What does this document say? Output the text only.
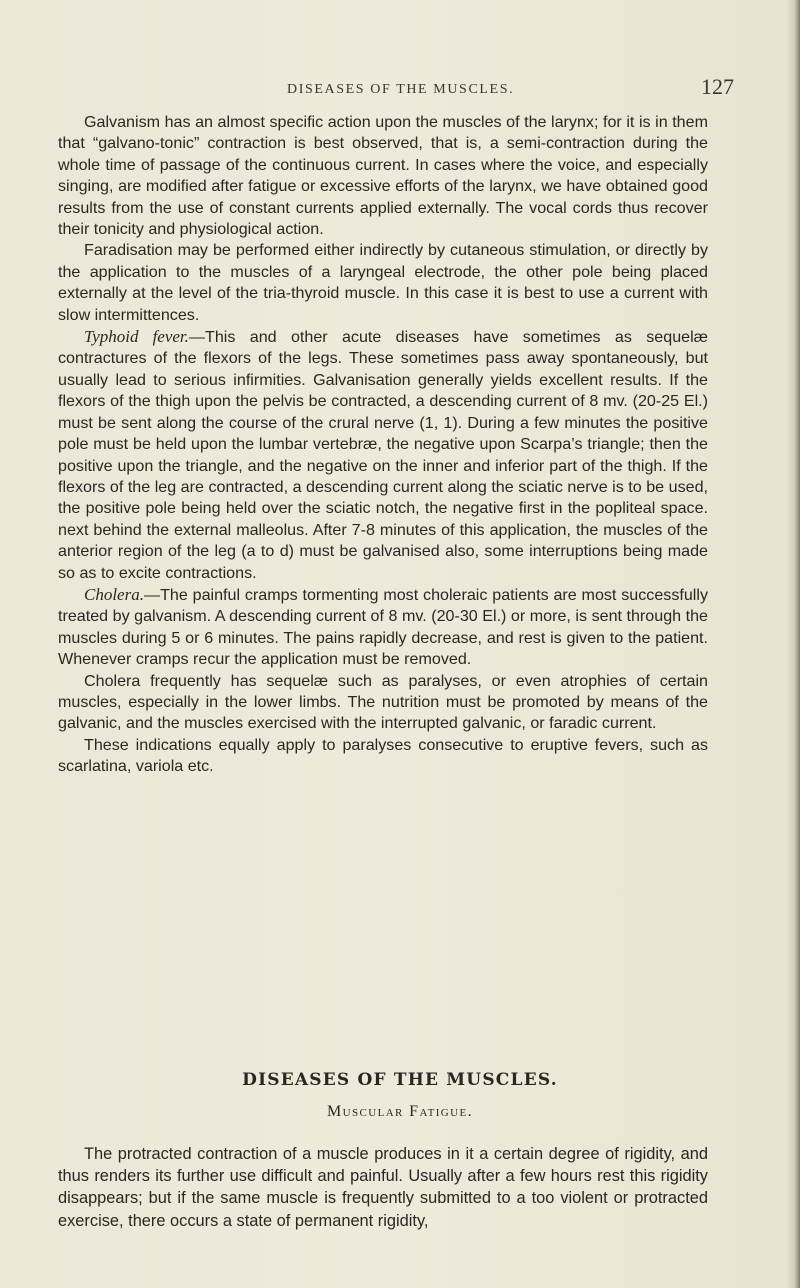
DISEASES OF THE MUSCLES.	127

Galvanism has an almost specific action upon the muscles of the larynx; for it is in them that “galvano-tonic” contraction is best observed, that is, a semi-contraction during the whole time of passage of the continuous current. In cases where the voice, and especially singing, are modified after fatigue or excessive efforts of the larynx, we have obtained good results from the use of constant currents applied externally. The vocal cords thus recover their tonicity and physiological action.

Faradisation may be performed either indirectly by cutaneous stimulation, or directly by the application to the muscles of a laryngeal electrode, the other pole being placed externally at the level of the tria-thyroid muscle. In this case it is best to use a current with slow intermittences.

Typhoid fever.—This and other acute diseases have sometimes as sequelæ contractures of the flexors of the legs. These sometimes pass away spontaneously, but usually lead to serious infirmities. Galvanisation generally yields excellent results. If the flexors of the thigh upon the pelvis be contracted, a descending current of 8 mv. (20-25 El.) must be sent along the course of the crural nerve (1, 1). During a few minutes the positive pole must be held upon the lumbar vertebræ, the negative upon Scarpa’s triangle; then the positive upon the triangle, and the negative on the inner and inferior part of the thigh. If the flexors of the leg are contracted, a descending current along the sciatic nerve is to be used, the positive pole being held over the sciatic notch, the negative first in the popliteal space. next behind the external malleolus. After 7-8 minutes of this application, the muscles of the anterior region of the leg (a to d) must be galvanised also, some interruptions being made so as to excite contractions.

Cholera.—The painful cramps tormenting most choleraic patients are most successfully treated by galvanism. A descending current of 8 mv. (20-30 El.) or more, is sent through the muscles during 5 or 6 minutes. The pains rapidly decrease, and rest is given to the patient. Whenever cramps recur the application must be removed.

Cholera frequently has sequelæ such as paralyses, or even atrophies of certain muscles, especially in the lower limbs. The nutrition must be promoted by means of the galvanic, and the muscles exercised with the interrupted galvanic, or faradic current.

These indications equally apply to paralyses consecutive to eruptive fevers, such as scarlatina, variola etc.

DISEASES OF THE MUSCLES.
Muscular Fatigue.

The protracted contraction of a muscle produces in it a certain degree of rigidity, and thus renders its further use difficult and painful. Usually after a few hours rest this rigidity disappears; but if the same muscle is frequently submitted to a too violent or protracted exercise, there occurs a state of permanent rigidity,
